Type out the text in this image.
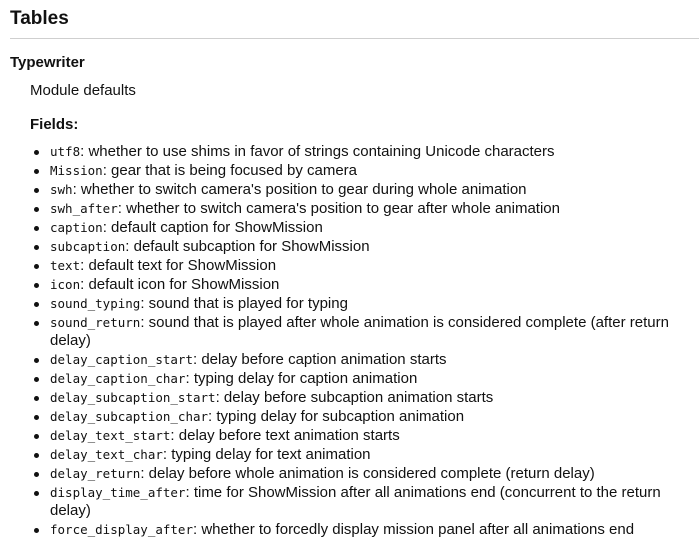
Tables
Typewriter

Module defaults

Fields:
utf8: whether to use shims in favor of strings containing Unicode characters
Mission: gear that is being focused by camera
swh: whether to switch camera's position to gear during whole animation
swh_after: whether to switch camera's position to gear after whole animation
caption: default caption for ShowMission
subcaption: default subcaption for ShowMission
text: default text for ShowMission
icon: default icon for ShowMission
sound_typing: sound that is played for typing
sound_return: sound that is played after whole animation is considered complete (after return delay)
delay_caption_start: delay before caption animation starts
delay_caption_char: typing delay for caption animation
delay_subcaption_start: delay before subcaption animation starts
delay_subcaption_char: typing delay for subcaption animation
delay_text_start: delay before text animation starts
delay_text_char: typing delay for text animation
delay_return: delay before whole animation is considered complete (return delay)
display_time_after: time for ShowMission after all animations end (concurrent to the return delay)
force_display_after: whether to forcedly display mission panel after all animations end
